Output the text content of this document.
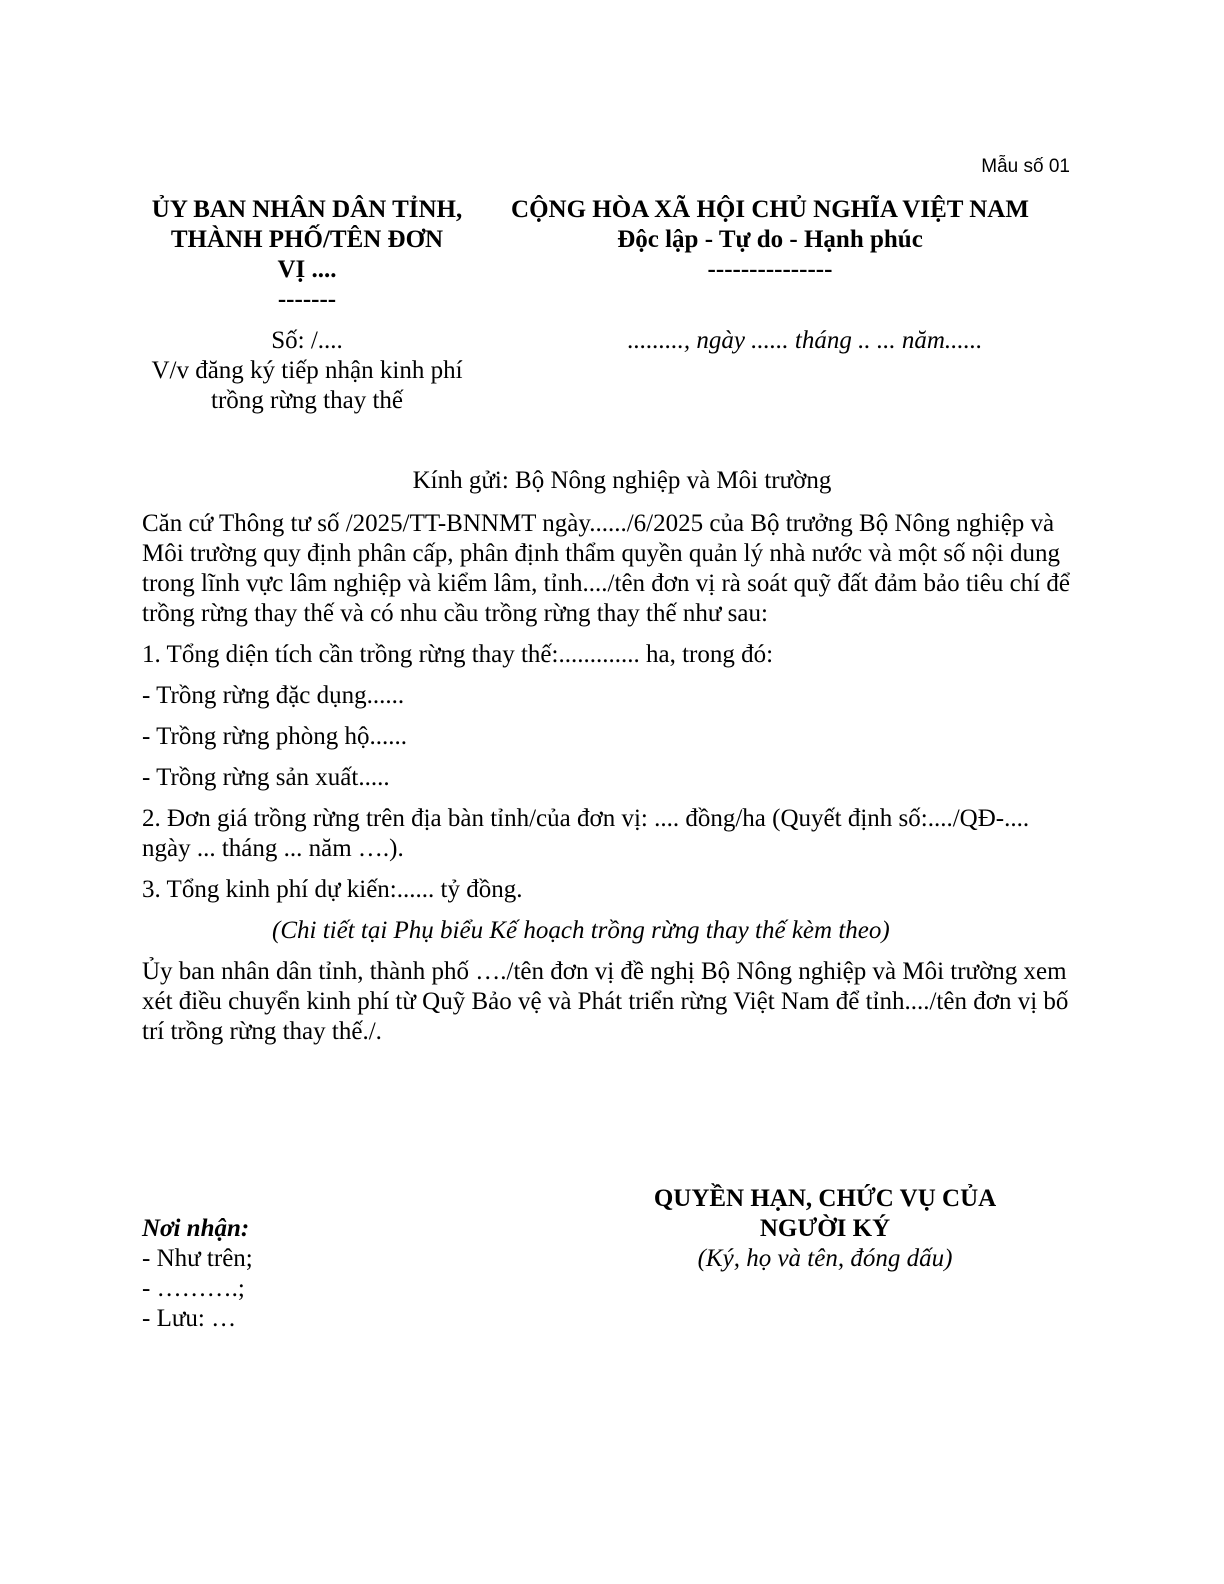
Mẫu số 01
ỦY BAN NHÂN DÂN TỈNH,
THÀNH PHỐ/TÊN ĐƠN
VỊ ....
-------
CỘNG HÒA XÃ HỘI CHỦ NGHĨA VIỆT NAM
Độc lập - Tự do - Hạnh phúc
---------------
Số: /....
V/v đăng ký tiếp nhận kinh phí
trồng rừng thay thế
........., ngày ...... tháng .. ... năm......
Kính gửi: Bộ Nông nghiệp và Môi trường

Căn cứ Thông tư số /2025/TT-BNNMT ngày....../6/2025 của Bộ trưởng Bộ Nông nghiệp và Môi trường quy định phân cấp, phân định thẩm quyền quản lý nhà nước và một số nội dung trong lĩnh vực lâm nghiệp và kiểm lâm, tỉnh..../tên đơn vị rà soát quỹ đất đảm bảo tiêu chí để trồng rừng thay thế và có nhu cầu trồng rừng thay thế như sau:

1. Tổng diện tích cần trồng rừng thay thế:............. ha, trong đó:

- Trồng rừng đặc dụng......

- Trồng rừng phòng hộ......

- Trồng rừng sản xuất.....

2. Đơn giá trồng rừng trên địa bàn tỉnh/của đơn vị: .... đồng/ha (Quyết định số:..../QĐ-.... ngày ... tháng ... năm ….).

3. Tổng kinh phí dự kiến:...... tỷ đồng.

(Chi tiết tại Phụ biểu Kế hoạch trồng rừng thay thế kèm theo)

Ủy ban nhân dân tỉnh, thành phố …./tên đơn vị đề nghị Bộ Nông nghiệp và Môi trường xem xét điều chuyển kinh phí từ Quỹ Bảo vệ và Phát triển rừng Việt Nam để tỉnh..../tên đơn vị bố trí trồng rừng thay thế./.

QUYỀN HẠN, CHỨC VỤ CỦA
NGƯỜI KÝ
(Ký, họ và tên, đóng dấu)
Nơi nhận:
- Như trên;
- ……….;
- Lưu: …
